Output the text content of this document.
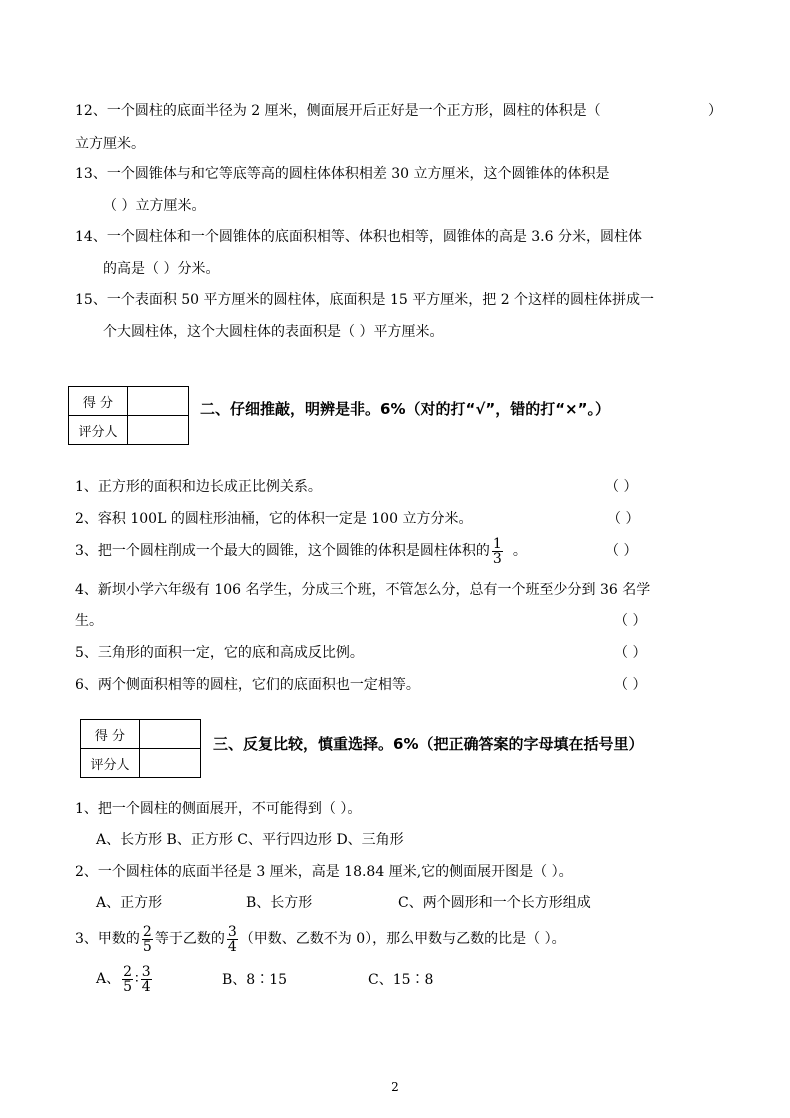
12、一个圆柱的底面半径为 2 厘米，侧面展开后正好是一个正方形，圆柱的体积是（	）
立方厘米。
13、一个圆锥体与和它等底等高的圆柱体体积相差 30 立方厘米，这个圆锥体的体积是
（ ）立方厘米。
14、一个圆柱体和一个圆锥体的底面积相等、体积也相等，圆锥体的高是 3.6 分米，圆柱体
的高是（ ）分米。
15、一个表面积 50 平方厘米的圆柱体，底面积是 15 平方厘米，把 2 个这样的圆柱体拼成一
个大圆柱体，这个大圆柱体的表面积是（ ）平方厘米。
得 分	
评分人	
二、仔细推敲，明辨是非。6%（对的打“√”，错的打“×”。）
1、正方形的面积和边长成正比例关系。	（ ）
2、容积 100L 的圆柱形油桶，它的体积一定是 100 立方分米。	（ ）
3、把一个圆柱削成一个最大的圆锥，这个圆锥的体积是圆柱体积的 $\frac{1}{3}$ 。	（ ）
4、新坝小学六年级有 106 名学生，分成三个班，不管怎么分，总有一个班至少分到 36 名学
生。	（ ）
5、三角形的面积一定，它的底和高成反比例。	（ ）
6、两个侧面积相等的圆柱，它们的底面积也一定相等。	（ ）
得 分	
评分人	
三、反复比较，慎重选择。6%（把正确答案的字母填在括号里）
1、把一个圆柱的侧面展开，不可能得到（ ）。
A、长方形 B、正方形 C、平行四边形 D、三角形
2、一个圆柱体的底面半径是 3 厘米，高是 18.84 厘米,它的侧面展开图是（ ）。
A、正方形	B、长方形	C、两个圆形和一个长方形组成
3、甲数的 $\frac{2}{5}$ 等于乙数的 $\frac{3}{4}$ （甲数、乙数不为 0），那么甲数与乙数的比是（ ）。
A、 $\frac{2}{5}$ ∶ $\frac{3}{4}$	B、8∶15	C、15∶8
2
